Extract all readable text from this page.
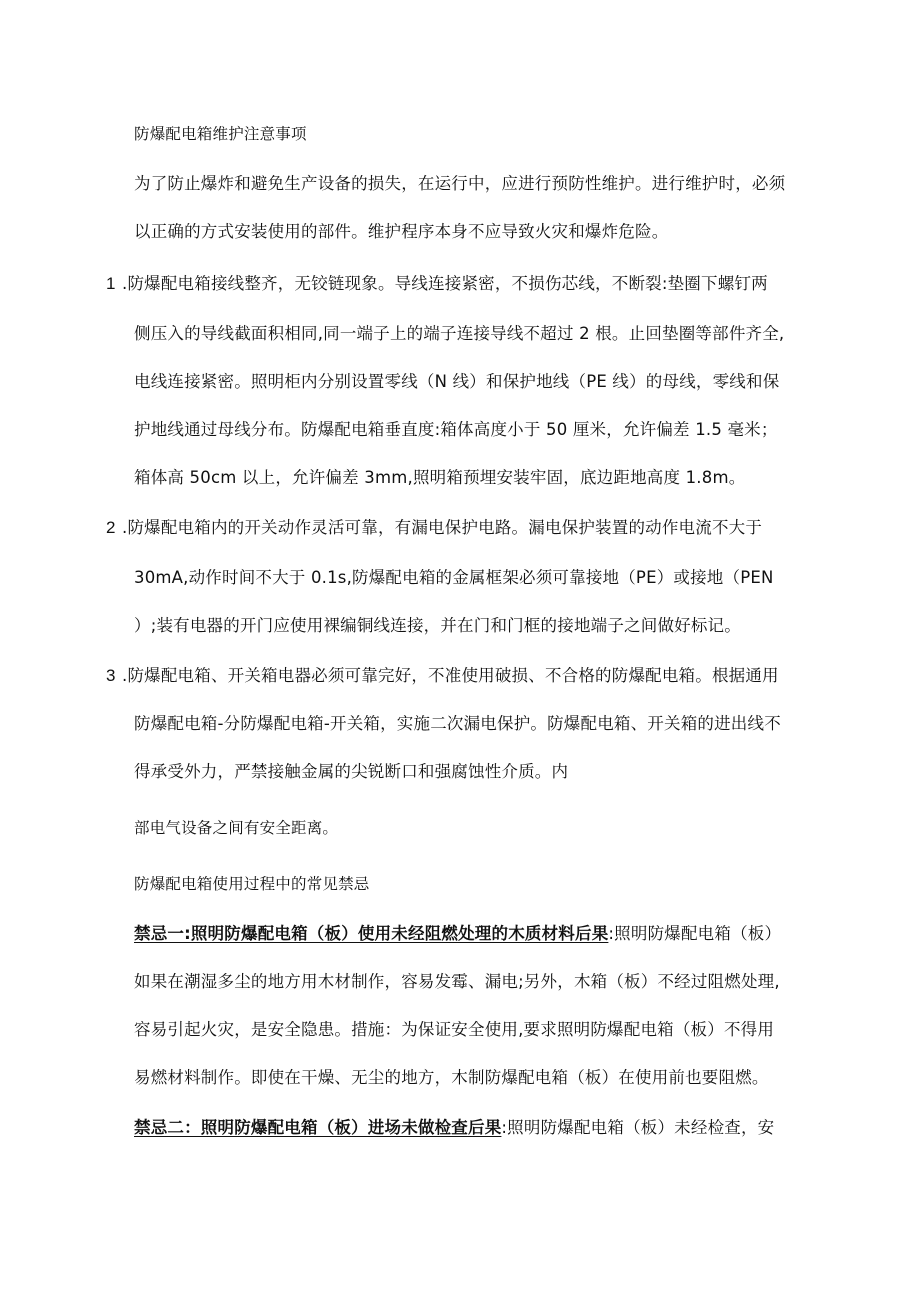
防爆配电箱维护注意事项
为了防止爆炸和避免生产设备的损失，在运行中，应进行预防性维护。进行维护时，必须
以正确的方式安装使用的部件。维护程序本身不应导致火灾和爆炸危险。
1 .防爆配电箱接线整齐，无铰链现象。导线连接紧密，不损伤芯线，不断裂:垫圈下螺钉两
侧压入的导线截面积相同,同一端子上的端子连接导线不超过 2 根。止回垫圈等部件齐全,
电线连接紧密。照明柜内分别设置零线（N 线）和保护地线（PE 线）的母线，零线和保
护地线通过母线分布。防爆配电箱垂直度:箱体高度小于 50 厘米，允许偏差 1.5 毫米；
箱体高 50cm 以上，允许偏差 3mm,照明箱预埋安装牢固，底边距地高度 1.8m。
2 .防爆配电箱内的开关动作灵活可靠，有漏电保护电路。漏电保护装置的动作电流不大于
30mA,动作时间不大于 0.1s,防爆配电箱的金属框架必须可靠接地（PE）或接地（PEN
）;装有电器的开门应使用裸编铜线连接，并在门和门框的接地端子之间做好标记。
3 .防爆配电箱、开关箱电器必须可靠完好，不准使用破损、不合格的防爆配电箱。根据通用
防爆配电箱-分防爆配电箱-开关箱，实施二次漏电保护。防爆配电箱、开关箱的进出线不
得承受外力，严禁接触金属的尖锐断口和强腐蚀性介质。内
部电气设备之间有安全距离。
防爆配电箱使用过程中的常见禁忌
禁忌一:照明防爆配电箱（板）使用未经阻燃处理的木质材料后果:照明防爆配电箱（板）
如果在潮湿多尘的地方用木材制作，容易发霉、漏电;另外，木箱（板）不经过阻燃处理,
容易引起火灾，是安全隐患。措施：为保证安全使用,要求照明防爆配电箱（板）不得用
易燃材料制作。即使在干燥、无尘的地方，木制防爆配电箱（板）在使用前也要阻燃。
禁忌二：照明防爆配电箱（板）进场未做检查后果:照明防爆配电箱（板）未经检查，安
